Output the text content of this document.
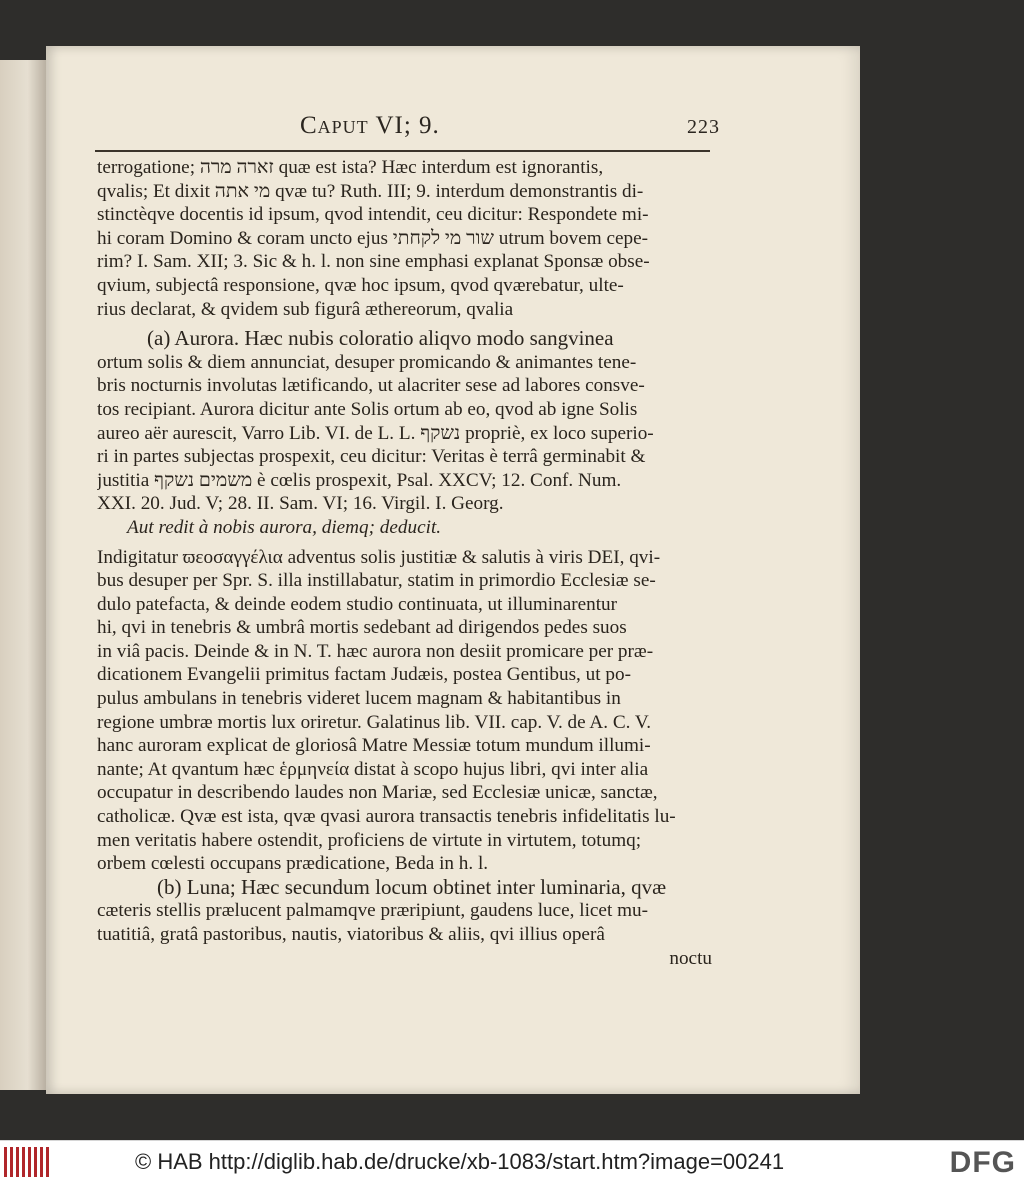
Caput VI; 9.	223
terrogatione; זארה מרה quæ est ista? Hæc interdum est ignorantis,
qvalis; Et dixit מי אתה qvæ tu? Ruth. III; 9. interdum demonstrantis di-
stinctèqve docentis id ipsum, qvod intendit, ceu dicitur: Respondete mi-
hi coram Domino & coram uncto ejus שור מי לקחתי utrum bovem cepe-
rim? I. Sam. XII; 3. Sic & h. l. non sine emphasi explanat Sponsæ obse-
qvium, subjectâ responsione, qvæ hoc ipsum, qvod qværebatur, ulte-
rius declarat, & qvidem sub figurâ æthereorum, qvalia
(a) Aurora. Hæc nubis coloratio aliqvo modo sangvinea
ortum solis & diem annunciat, desuper promicando & animantes tene-
bris nocturnis involutas lætificando, ut alacriter sese ad labores consve-
tos recipiant. Aurora dicitur ante Solis ortum ab eo, qvod ab igne Solis
aureo aër aurescit, Varro Lib. VI. de L. L. נשקף propriè, ex loco superio-
ri in partes subjectas prospexit, ceu dicitur: Veritas è terrâ germinabit &
justitia משמים נשקף è cœlis prospexit, Psal. XXCV; 12. Conf. Num.
XXI. 20. Jud. V; 28. II. Sam. VI; 16. Virgil. I. Georg.
Aut redit à nobis aurora, diemq; deducit.
Indigitatur ϖεοσαγγέλια adventus solis justitiæ & salutis à viris DEI, qvi-
bus desuper per Spr. S. illa instillabatur, statim in primordio Ecclesiæ se-
dulo patefacta, & deinde eodem studio continuata, ut illuminarentur
hi, qvi in tenebris & umbrâ mortis sedebant ad dirigendos pedes suos
in viâ pacis. Deinde & in N. T. hæc aurora non desiit promicare per præ-
dicationem Evangelii primitus factam Judæis, postea Gentibus, ut po-
pulus ambulans in tenebris videret lucem magnam & habitantibus in
regione umbræ mortis lux oriretur. Galatinus lib. VII. cap. V. de A. C. V.
hanc auroram explicat de gloriosâ Matre Messiæ totum mundum illumi-
nante; At qvantum hæc ἑρμηνεία distat à scopo hujus libri, qvi inter alia
occupatur in describendo laudes non Mariæ, sed Ecclesiæ unicæ, sanctæ,
catholicæ. Qvæ est ista, qvæ qvasi aurora transactis tenebris infidelitatis lu-
men veritatis habere ostendit, proficiens de virtute in virtutem, totumq;
orbem cœlesti occupans prædicatione, Beda in h. l.
(b) Luna; Hæc secundum locum obtinet inter luminaria, qvæ
cæteris stellis prælucent palmamqve præripiunt, gaudens luce, licet mu-
tuatitiâ, gratâ pastoribus, nautis, viatoribus & aliis, qvi illius operâ
noctu
© HAB http://diglib.hab.de/drucke/xb-1083/start.htm?image=00241	DFG
